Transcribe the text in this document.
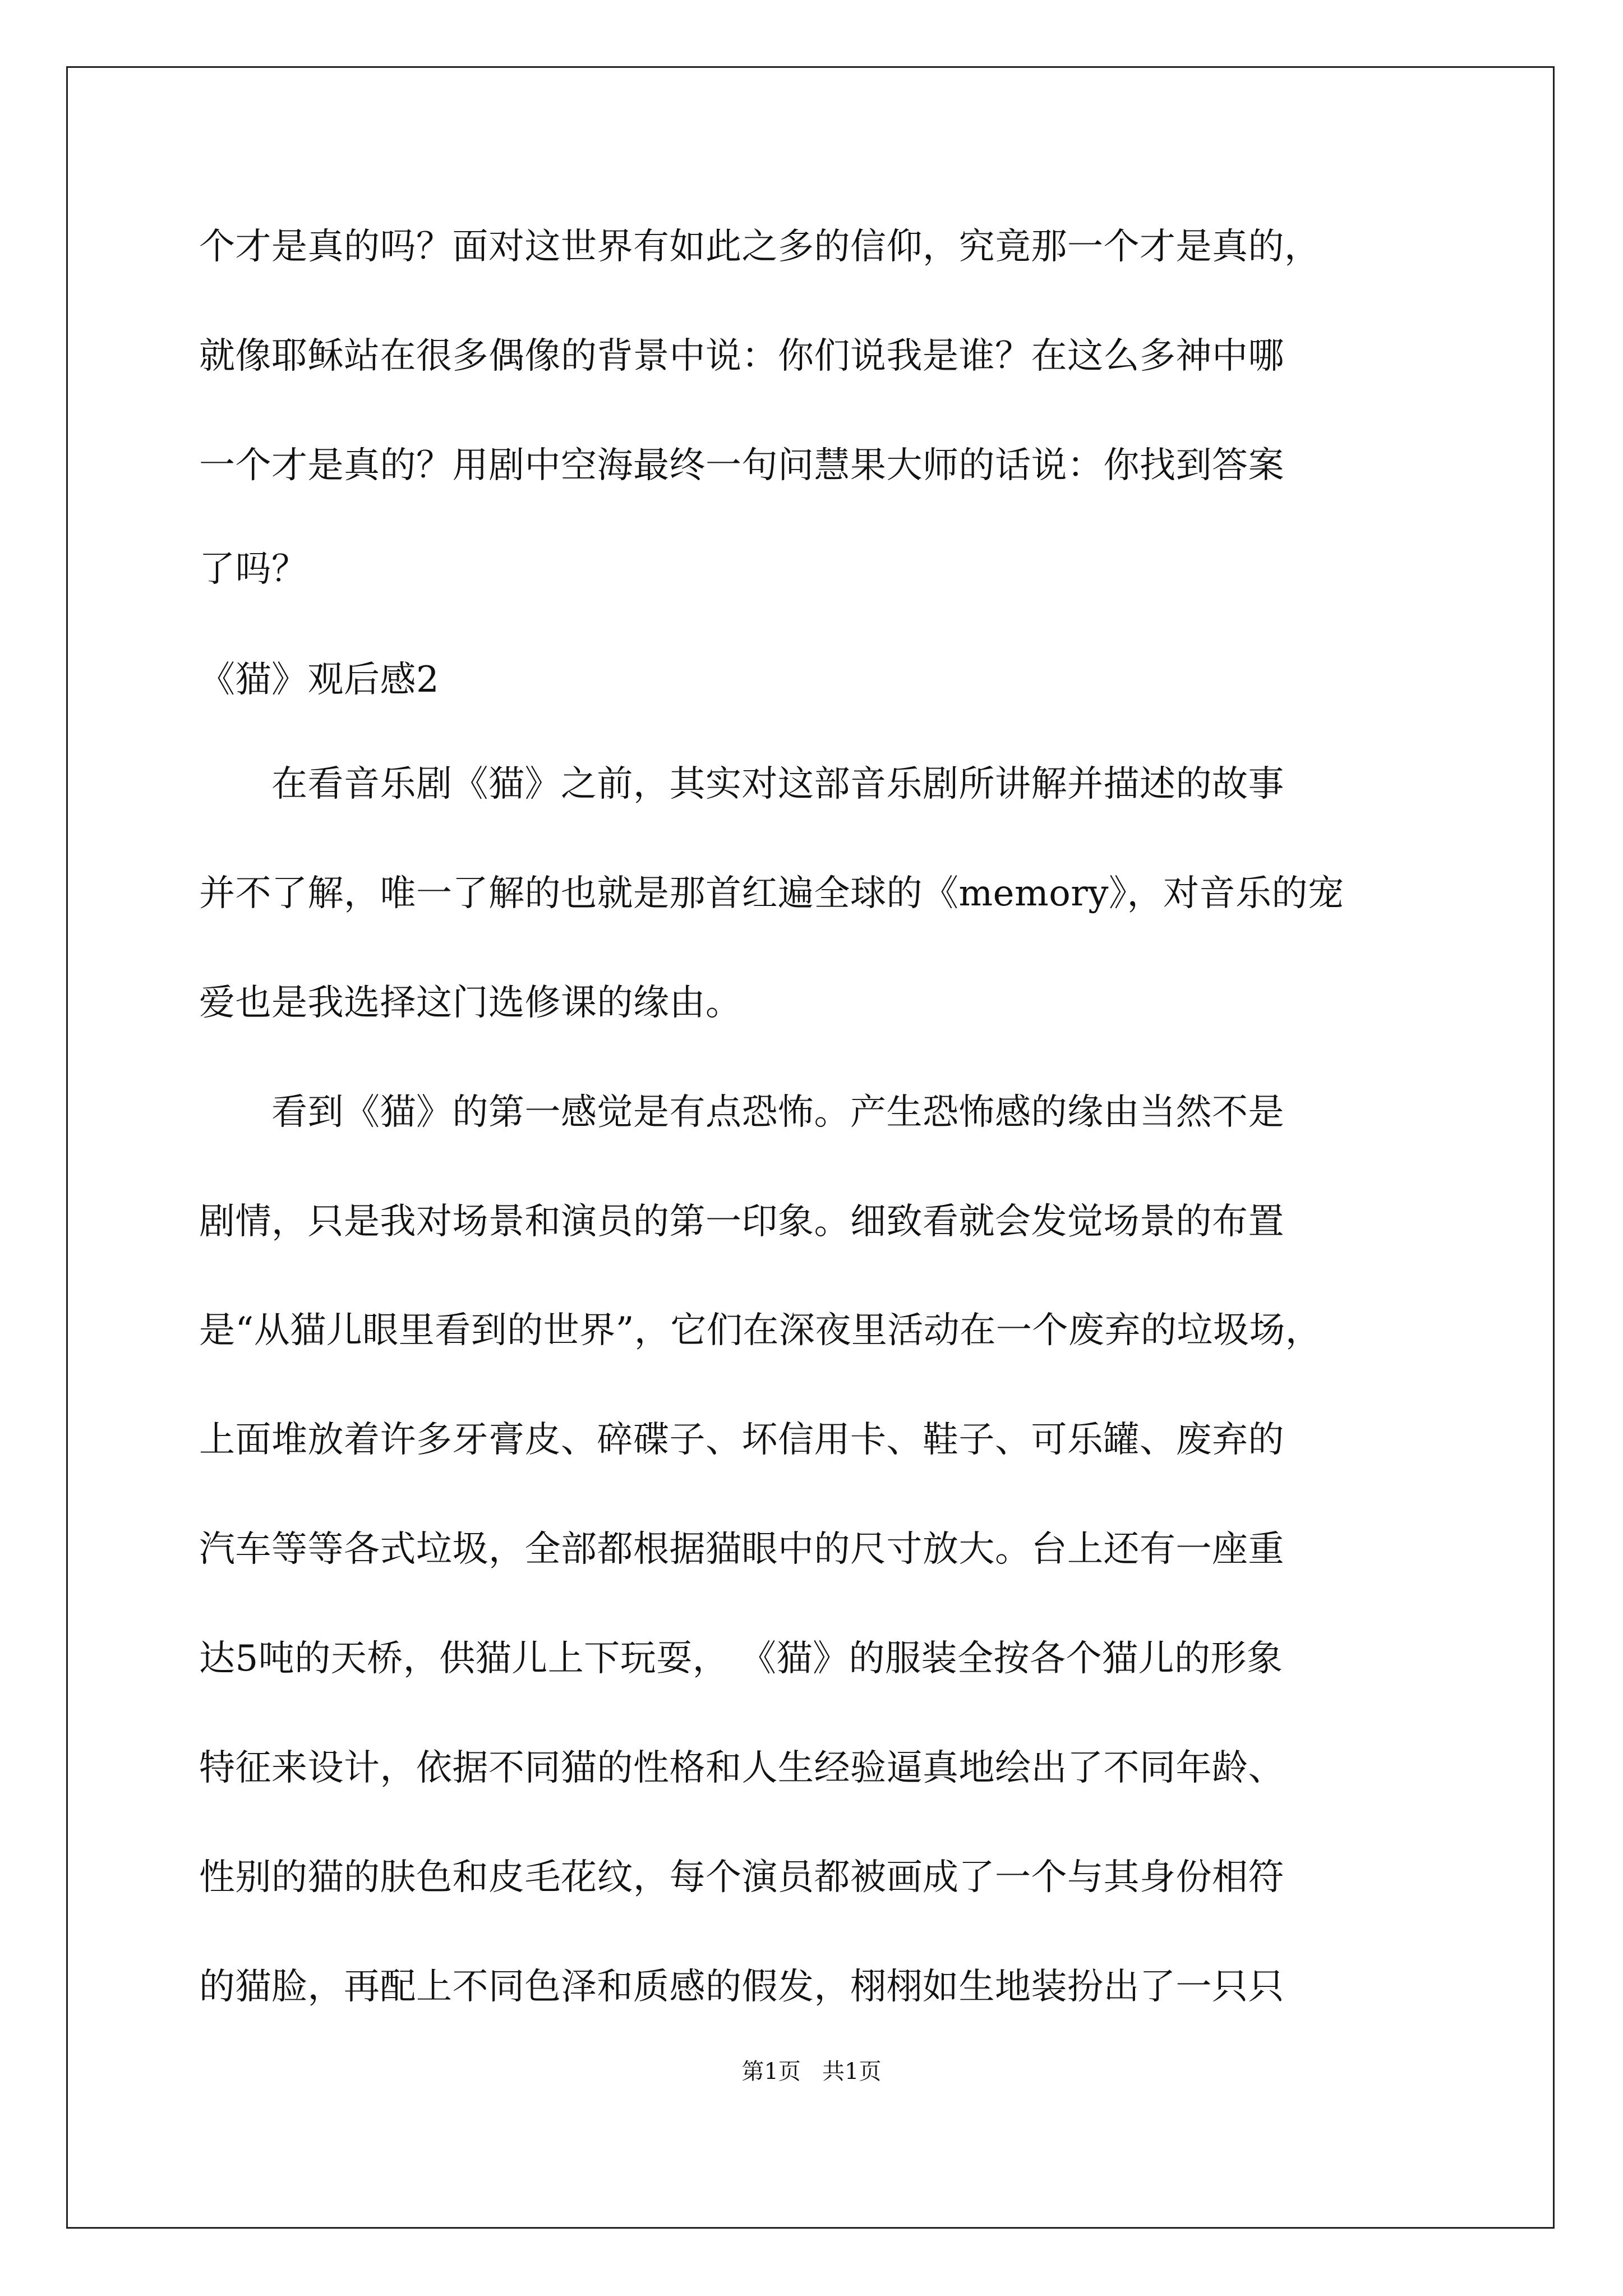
个才是真的吗？面对这世界有如此之多的信仰，究竟那一个才是真的，

就像耶稣站在很多偶像的背景中说：你们说我是谁？在这么多神中哪

一个才是真的？用剧中空海最终一句问慧果大师的话说：你找到答案

了吗？

《猫》观后感2

　　在看音乐剧《猫》之前，其实对这部音乐剧所讲解并描述的故事

并不了解，唯一了解的也就是那首红遍全球的《memory》，对音乐的宠

爱也是我选择这门选修课的缘由。

　　看到《猫》的第一感觉是有点恐怖。产生恐怖感的缘由当然不是

剧情，只是我对场景和演员的第一印象。细致看就会发觉场景的布置

是“从猫儿眼里看到的世界”，它们在深夜里活动在一个废弃的垃圾场，

上面堆放着许多牙膏皮、碎碟子、坏信用卡、鞋子、可乐罐、废弃的

汽车等等各式垃圾，全部都根据猫眼中的尺寸放大。台上还有一座重

达5吨的天桥，供猫儿上下玩耍， 《猫》的服装全按各个猫儿的形象

特征来设计，依据不同猫的性格和人生经验逼真地绘出了不同年龄、

性别的猫的肤色和皮毛花纹，每个演员都被画成了一个与其身份相符

的猫脸，再配上不同色泽和质感的假发，栩栩如生地装扮出了一只只

第1页   共1页
